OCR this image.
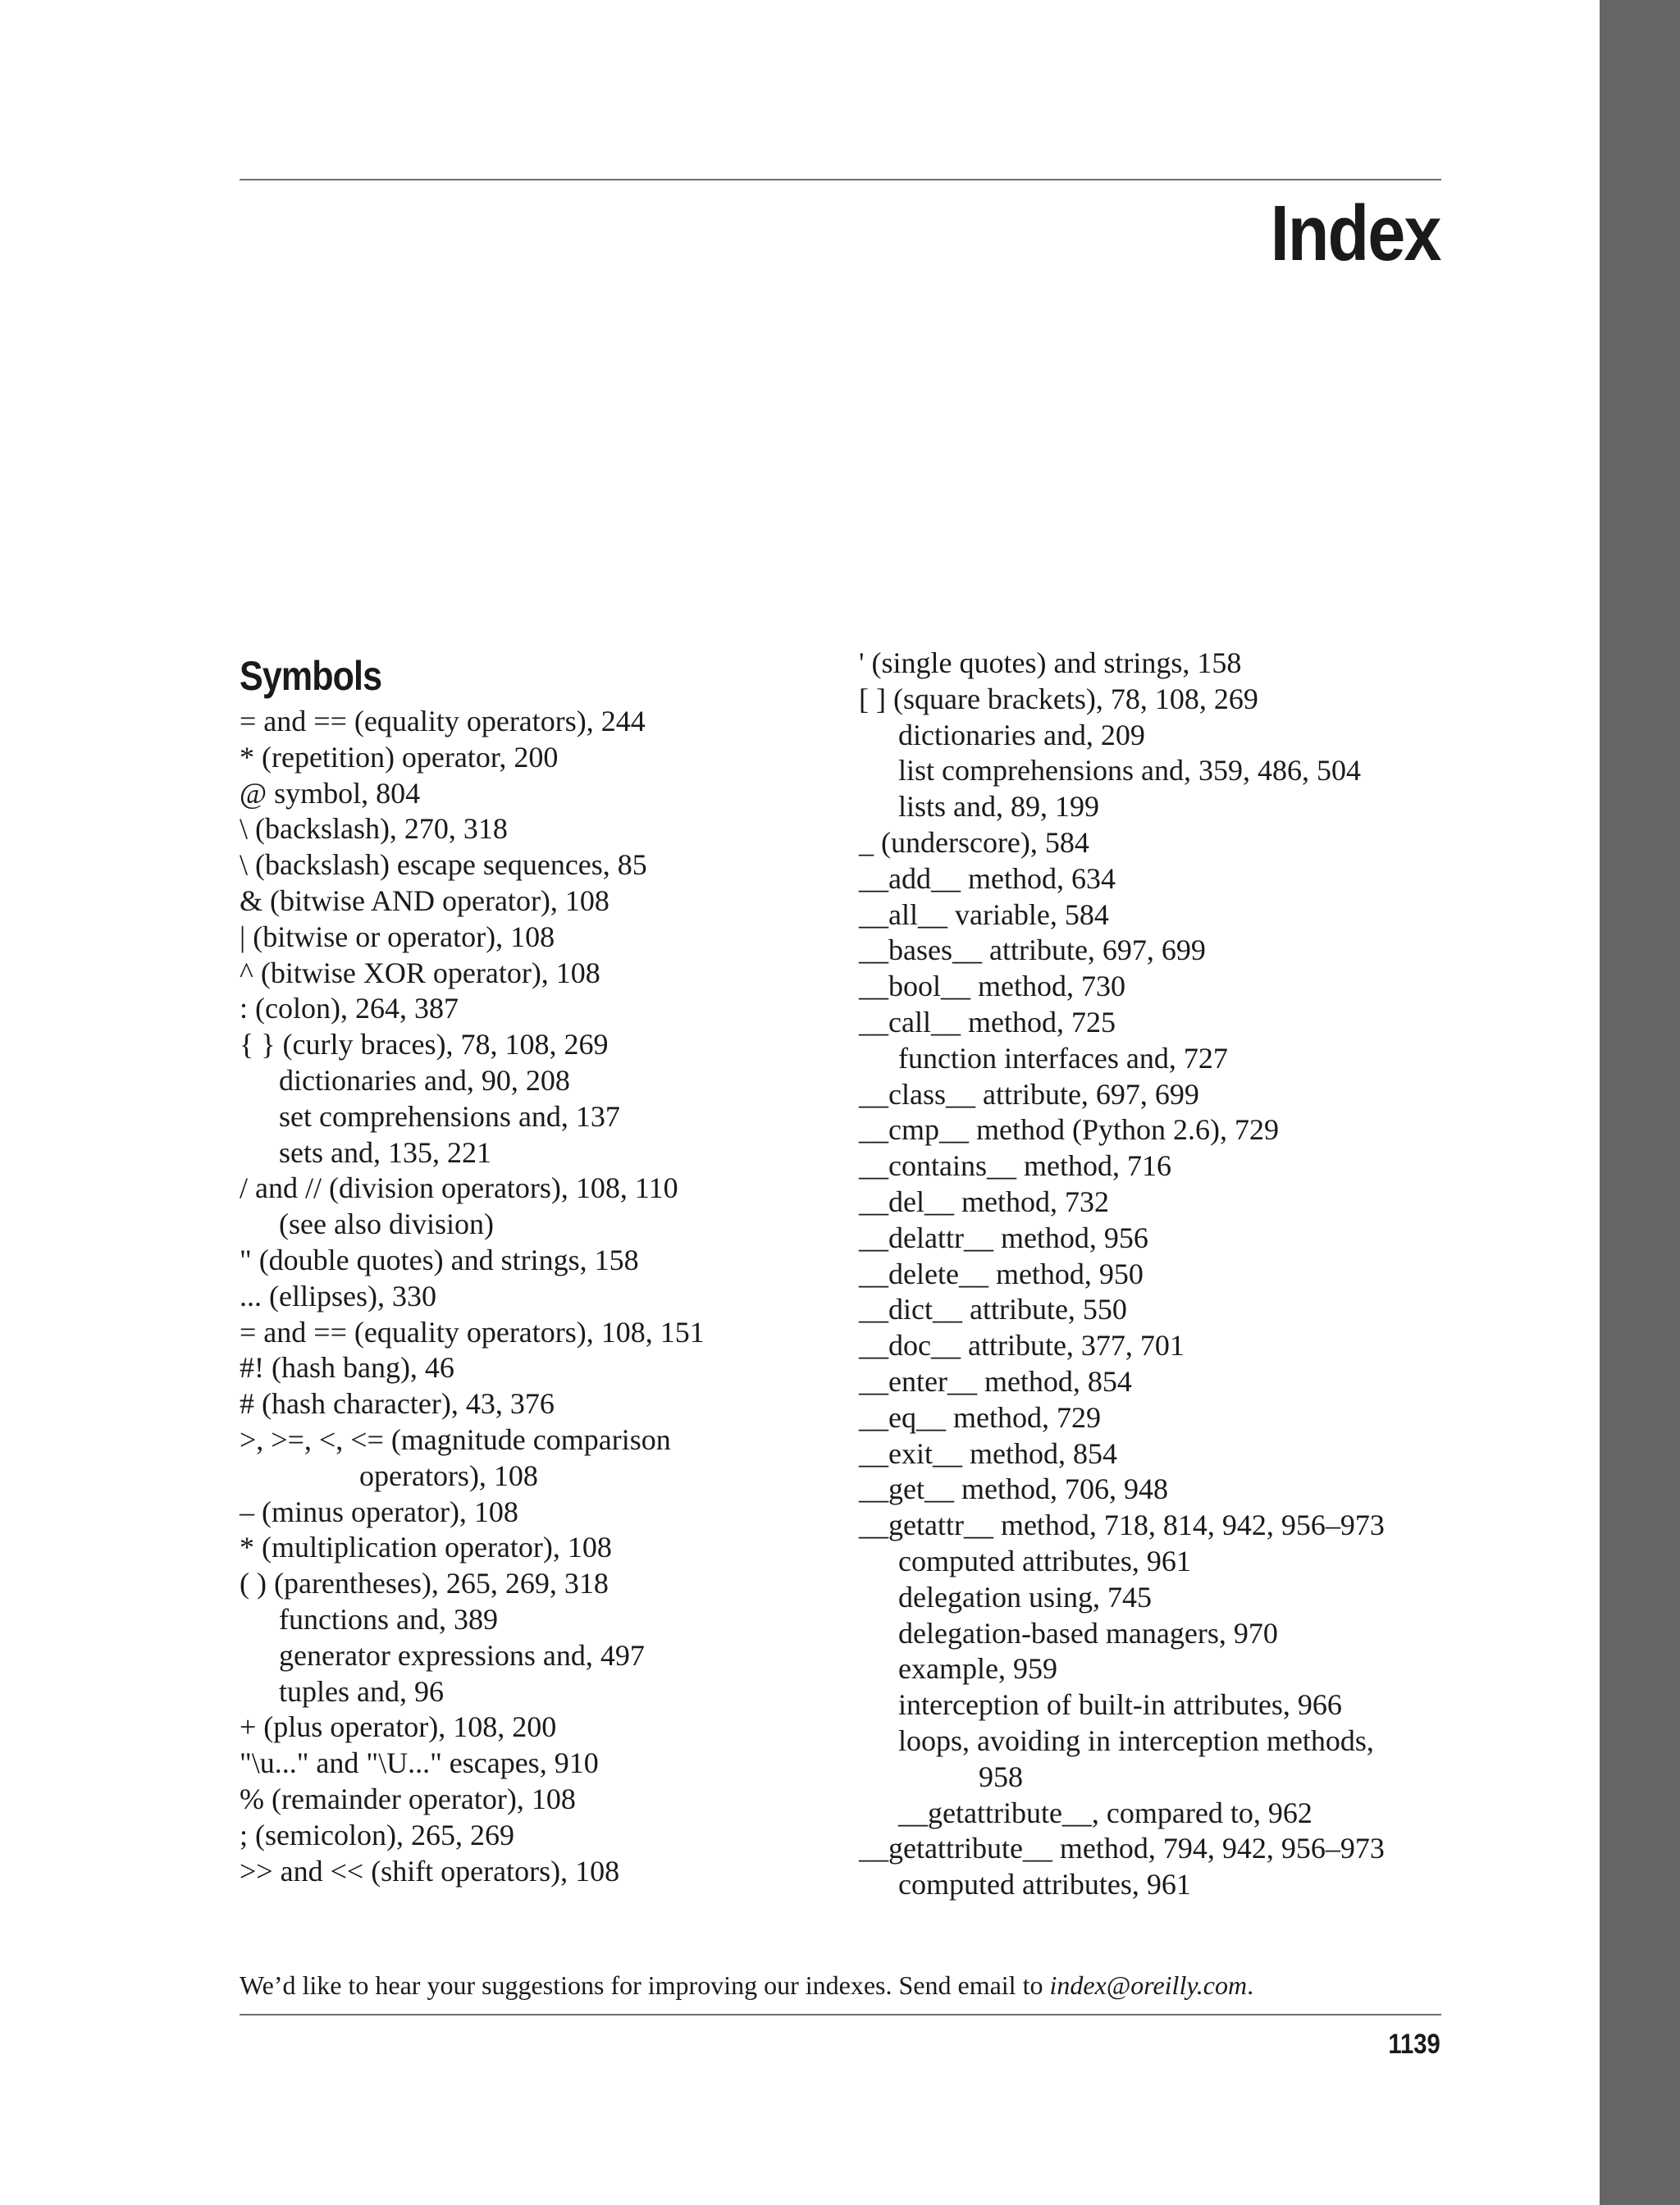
Index
Symbols
= and == (equality operators), 244
* (repetition) operator, 200
@ symbol, 804
\ (backslash), 270, 318
\ (backslash) escape sequences, 85
& (bitwise AND operator), 108
| (bitwise or operator), 108
^ (bitwise XOR operator), 108
: (colon), 264, 387
{ } (curly braces), 78, 108, 269
dictionaries and, 90, 208
set comprehensions and, 137
sets and, 135, 221
/ and // (division operators), 108, 110
(see also division)
" (double quotes) and strings, 158
... (ellipses), 330
= and == (equality operators), 108, 151
#! (hash bang), 46
# (hash character), 43, 376
>, >=, <, <= (magnitude comparison
operators), 108
– (minus operator), 108
* (multiplication operator), 108
( ) (parentheses), 265, 269, 318
functions and, 389
generator expressions and, 497
tuples and, 96
+ (plus operator), 108, 200
"\u..." and "\U..." escapes, 910
% (remainder operator), 108
; (semicolon), 265, 269
>> and << (shift operators), 108
' (single quotes) and strings, 158
[ ] (square brackets), 78, 108, 269
dictionaries and, 209
list comprehensions and, 359, 486, 504
lists and, 89, 199
_ (underscore), 584
__add__ method, 634
__all__ variable, 584
__bases__ attribute, 697, 699
__bool__ method, 730
__call__ method, 725
function interfaces and, 727
__class__ attribute, 697, 699
__cmp__ method (Python 2.6), 729
__contains__ method, 716
__del__ method, 732
__delattr__ method, 956
__delete__ method, 950
__dict__ attribute, 550
__doc__ attribute, 377, 701
__enter__ method, 854
__eq__ method, 729
__exit__ method, 854
__get__ method, 706, 948
__getattr__ method, 718, 814, 942, 956–973
computed attributes, 961
delegation using, 745
delegation-based managers, 970
example, 959
interception of built-in attributes, 966
loops, avoiding in interception methods,
958
__getattribute__, compared to, 962
__getattribute__ method, 794, 942, 956–973
computed attributes, 961
We’d like to hear your suggestions for improving our indexes. Send email to index@oreilly.com.
1139
